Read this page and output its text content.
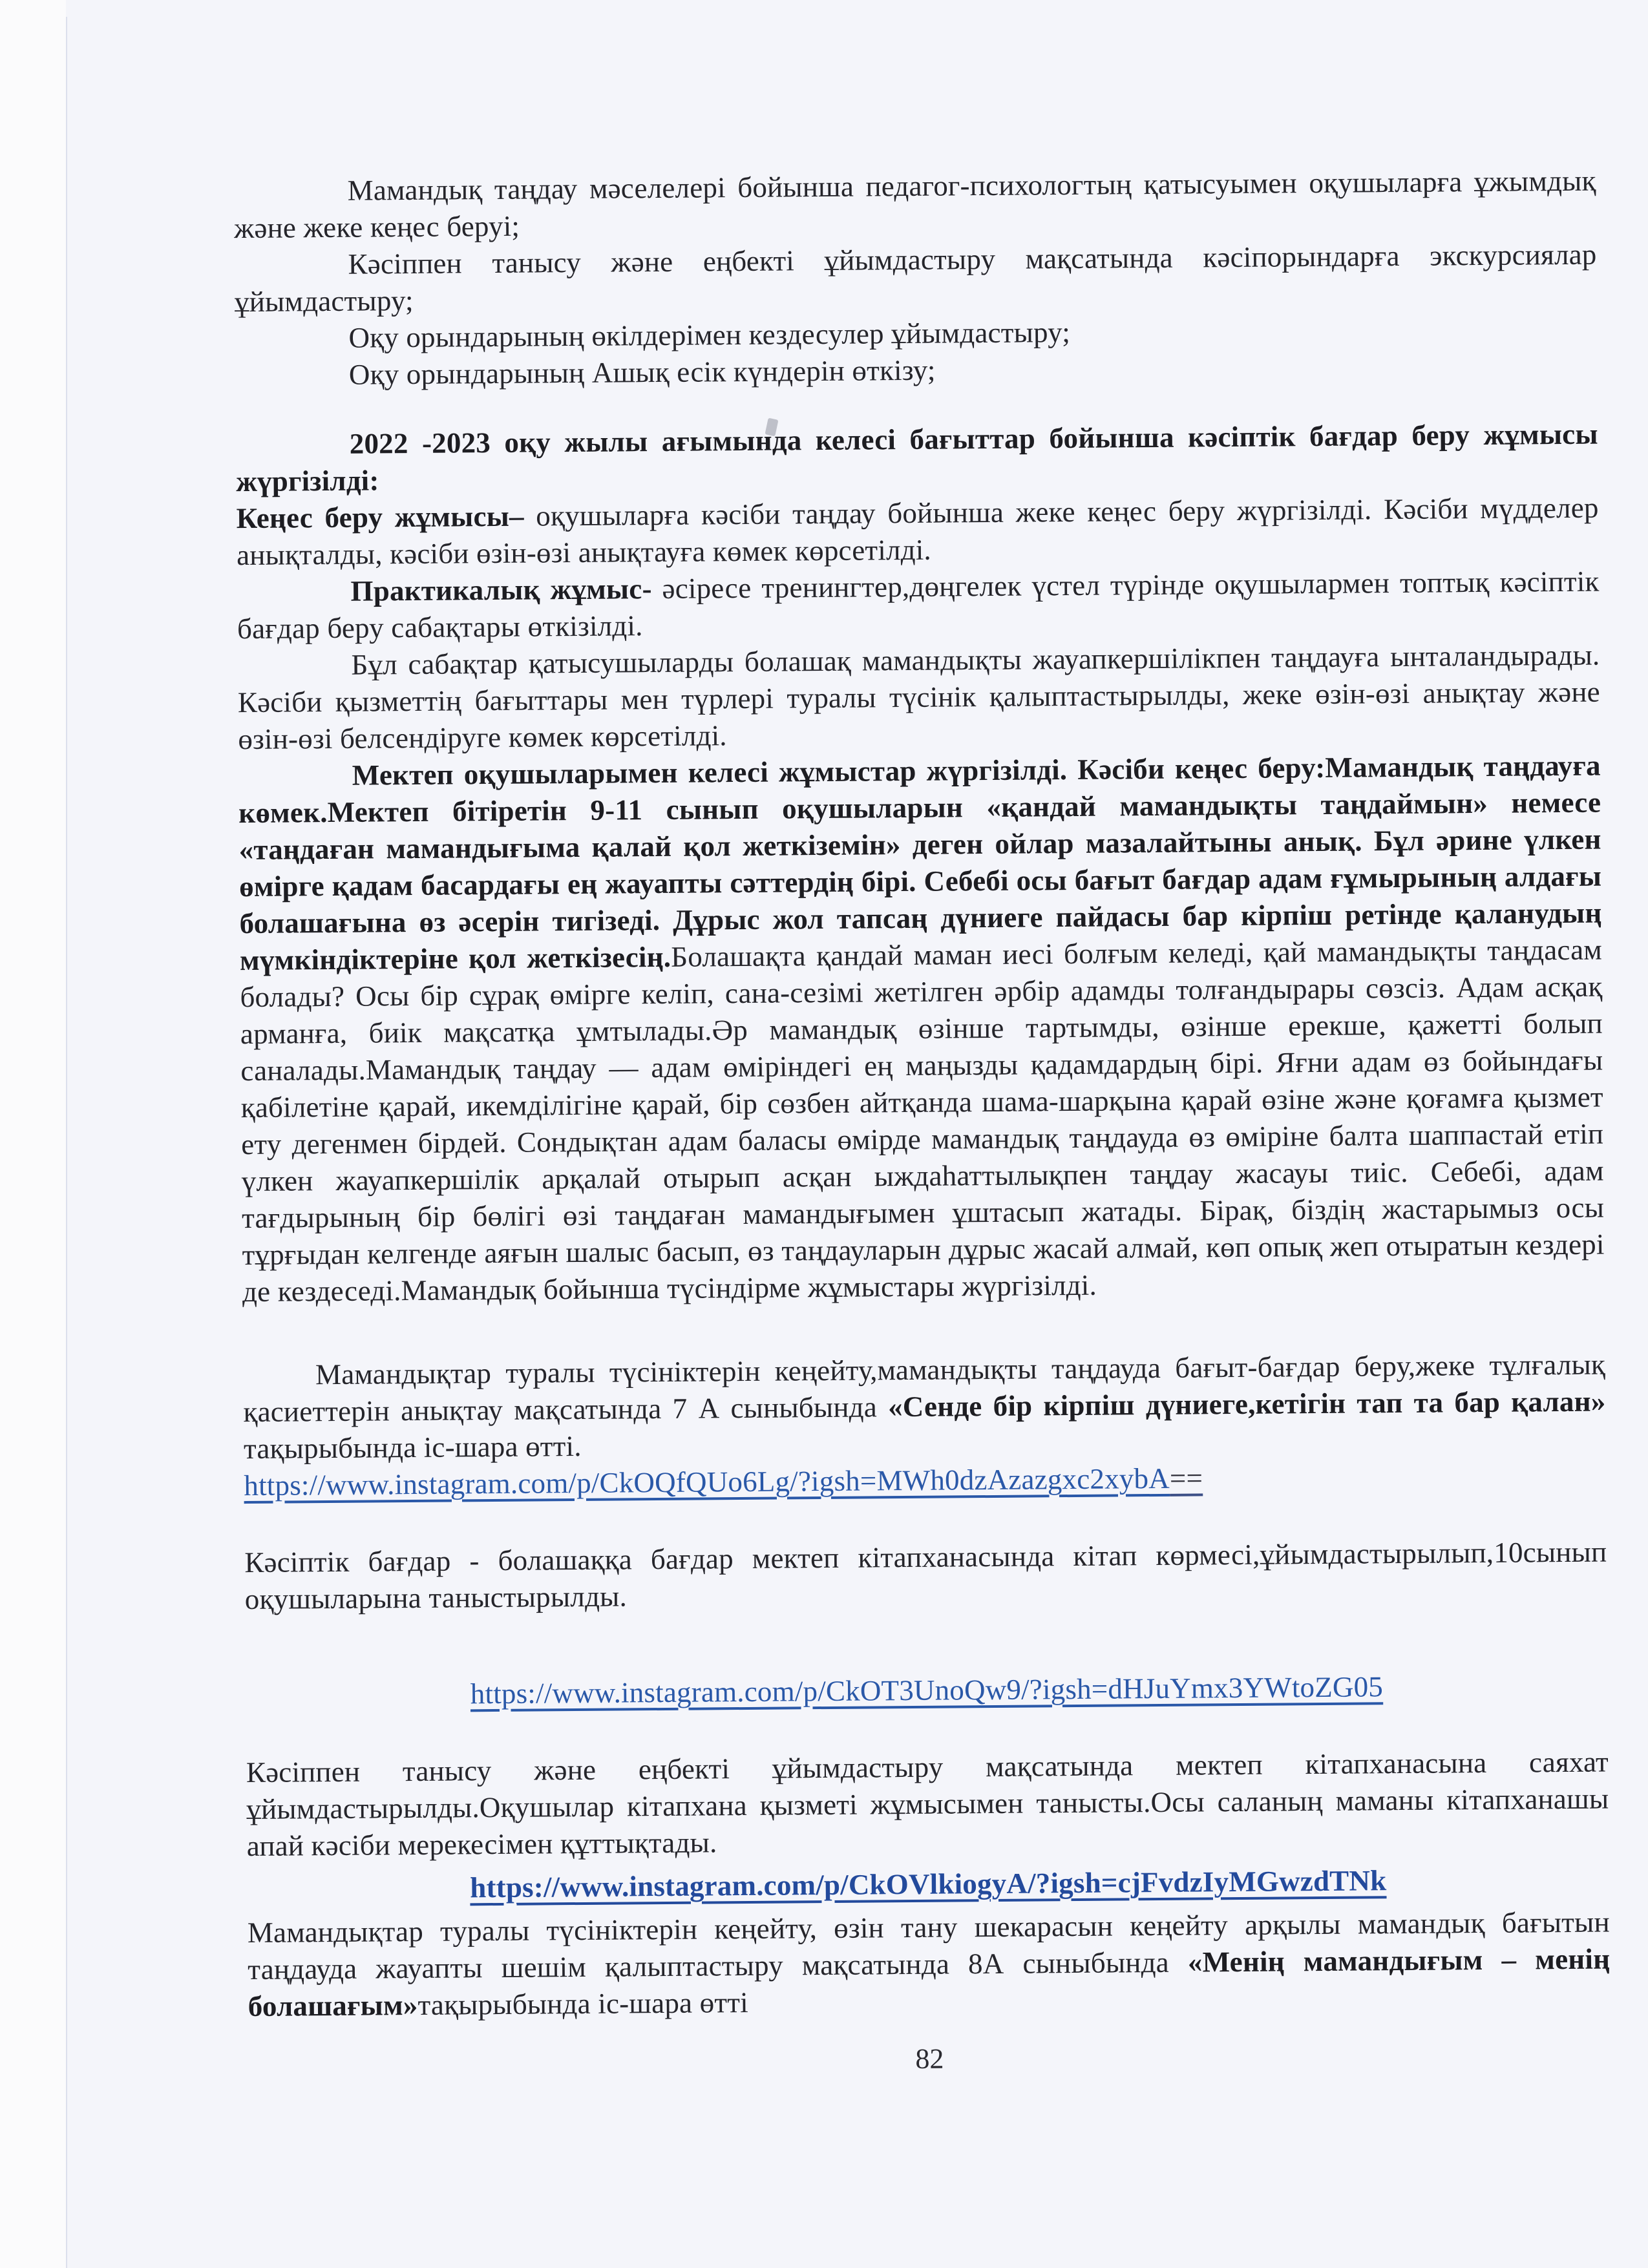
Мамандық таңдау мәселелері бойынша педагог-психологтың қатысуымен оқушыларға ұжымдық және жеке кеңес беруі;

Кәсіппен танысу және еңбекті ұйымдастыру мақсатында кәсіпорындарға экскурсиялар ұйымдастыру;

Оқу орындарының өкілдерімен кездесулер ұйымдастыру;

Оқу орындарының Ашық есік күндерін өткізу;

2022 -2023 оқу жылы ағымында келесі бағыттар бойынша кәсіптік бағдар беру жұмысы жүргізілді:

Кеңес беру жұмысы– оқушыларға кәсіби таңдау бойынша жеке кеңес беру жүргізілді. Кәсіби мүдделер анықталды, кәсіби өзін-өзі анықтауға көмек көрсетілді.

Практикалық жұмыс- әсіресе тренингтер,дөңгелек үстел түрінде оқушылармен топтық кәсіптік бағдар беру сабақтары өткізілді.

Бұл сабақтар қатысушыларды болашақ мамандықты жауапкершілікпен таңдауға ынталандырады. Кәсіби қызметтің бағыттары мен түрлері туралы түсінік қалыптастырылды, жеке өзін-өзі анықтау және өзін-өзі белсендіруге көмек көрсетілді.

Мектеп оқушыларымен келесі жұмыстар жүргізілді. Кәсіби кеңес беру:Мамандық таңдауға көмек.Мектеп бітіретін 9-11 сынып оқушыларын «қандай мамандықты таңдаймын» немесе «таңдаған мамандығыма қалай қол жеткіземін» деген ойлар мазалайтыны анық. Бұл әрине үлкен өмірге қадам басардағы ең жауапты сәттердің бірі. Себебі осы бағыт бағдар адам ғұмырының алдағы болашағына өз әсерін тигізеді. Дұрыс жол тапсаң дүниеге пайдасы бар кірпіш ретінде қаланудың мүмкіндіктеріне қол жеткізесің.Болашақта қандай маман иесі болғым келеді, қай мамандықты таңдасам болады? Осы бір сұрақ өмірге келіп, сана-сезімі жетілген әрбір адамды толғандырары сөзсіз. Адам асқақ арманға, биік мақсатқа ұмтылады.Әр мамандық өзінше тартымды, өзінше ерекше, қажетті болып саналады.Мамандық таңдау — адам өміріндегі ең маңызды қадамдардың бірі. Яғни адам өз бойындағы қабілетіне қарай, икемділігіне қарай, бір сөзбен айтқанда шама-шарқына қарай өзіне және қоғамға қызмет ету дегенмен бірдей. Сондықтан адам баласы өмірде мамандық таңдауда өз өміріне балта шаппастай етіп үлкен жауапкершілік арқалай отырып асқан ыждаһаттылықпен таңдау жасауы тиіс. Себебі, адам тағдырының бір бөлігі өзі таңдаған мамандығымен ұштасып жатады. Бірақ, біздің жастарымыз осы тұрғыдан келгенде аяғын шалыс басып, өз таңдауларын дұрыс жасай алмай, көп опық жеп отыратын кездері де кездеседі.Мамандық бойынша түсіндірме жұмыстары жүргізілді.

Мамандықтар туралы түсініктерін кеңейту,мамандықты таңдауда бағыт-бағдар беру,жеке тұлғалық қасиеттерін анықтау мақсатында 7 А сыныбында «Сенде бір кірпіш дүниеге,кетігін тап та бар қалан» тақырыбында іс-шара өтті.

https://www.instagram.com/p/CkOQfQUo6Lg/?igsh=MWh0dzAzazgxc2xybA==

Кәсіптік бағдар - болашаққа бағдар мектеп кітапханасында кітап көрмесі,ұйымдастырылып,10сынып оқушыларына таныстырылды.

https://www.instagram.com/p/CkOT3UnoQw9/?igsh=dHJuYmx3YWtoZG05

Кәсіппен танысу және еңбекті ұйымдастыру мақсатында мектеп кітапханасына саяхат ұйымдастырылды.Оқушылар кітапхана қызметі жұмысымен танысты.Осы саланың маманы кітапханашы апай кәсіби мерекесімен құттықтады.

https://www.instagram.com/p/CkOVlkiogyA/?igsh=cjFvdzIyMGwzdTNk

Мамандықтар туралы түсініктерін кеңейту, өзін тану шекарасын кеңейту арқылы мамандық бағытын таңдауда жауапты шешім қалыптастыру мақсатында 8А сыныбында «Менің мамандығым – менің болашағым»тақырыбында іс-шара өтті

82
